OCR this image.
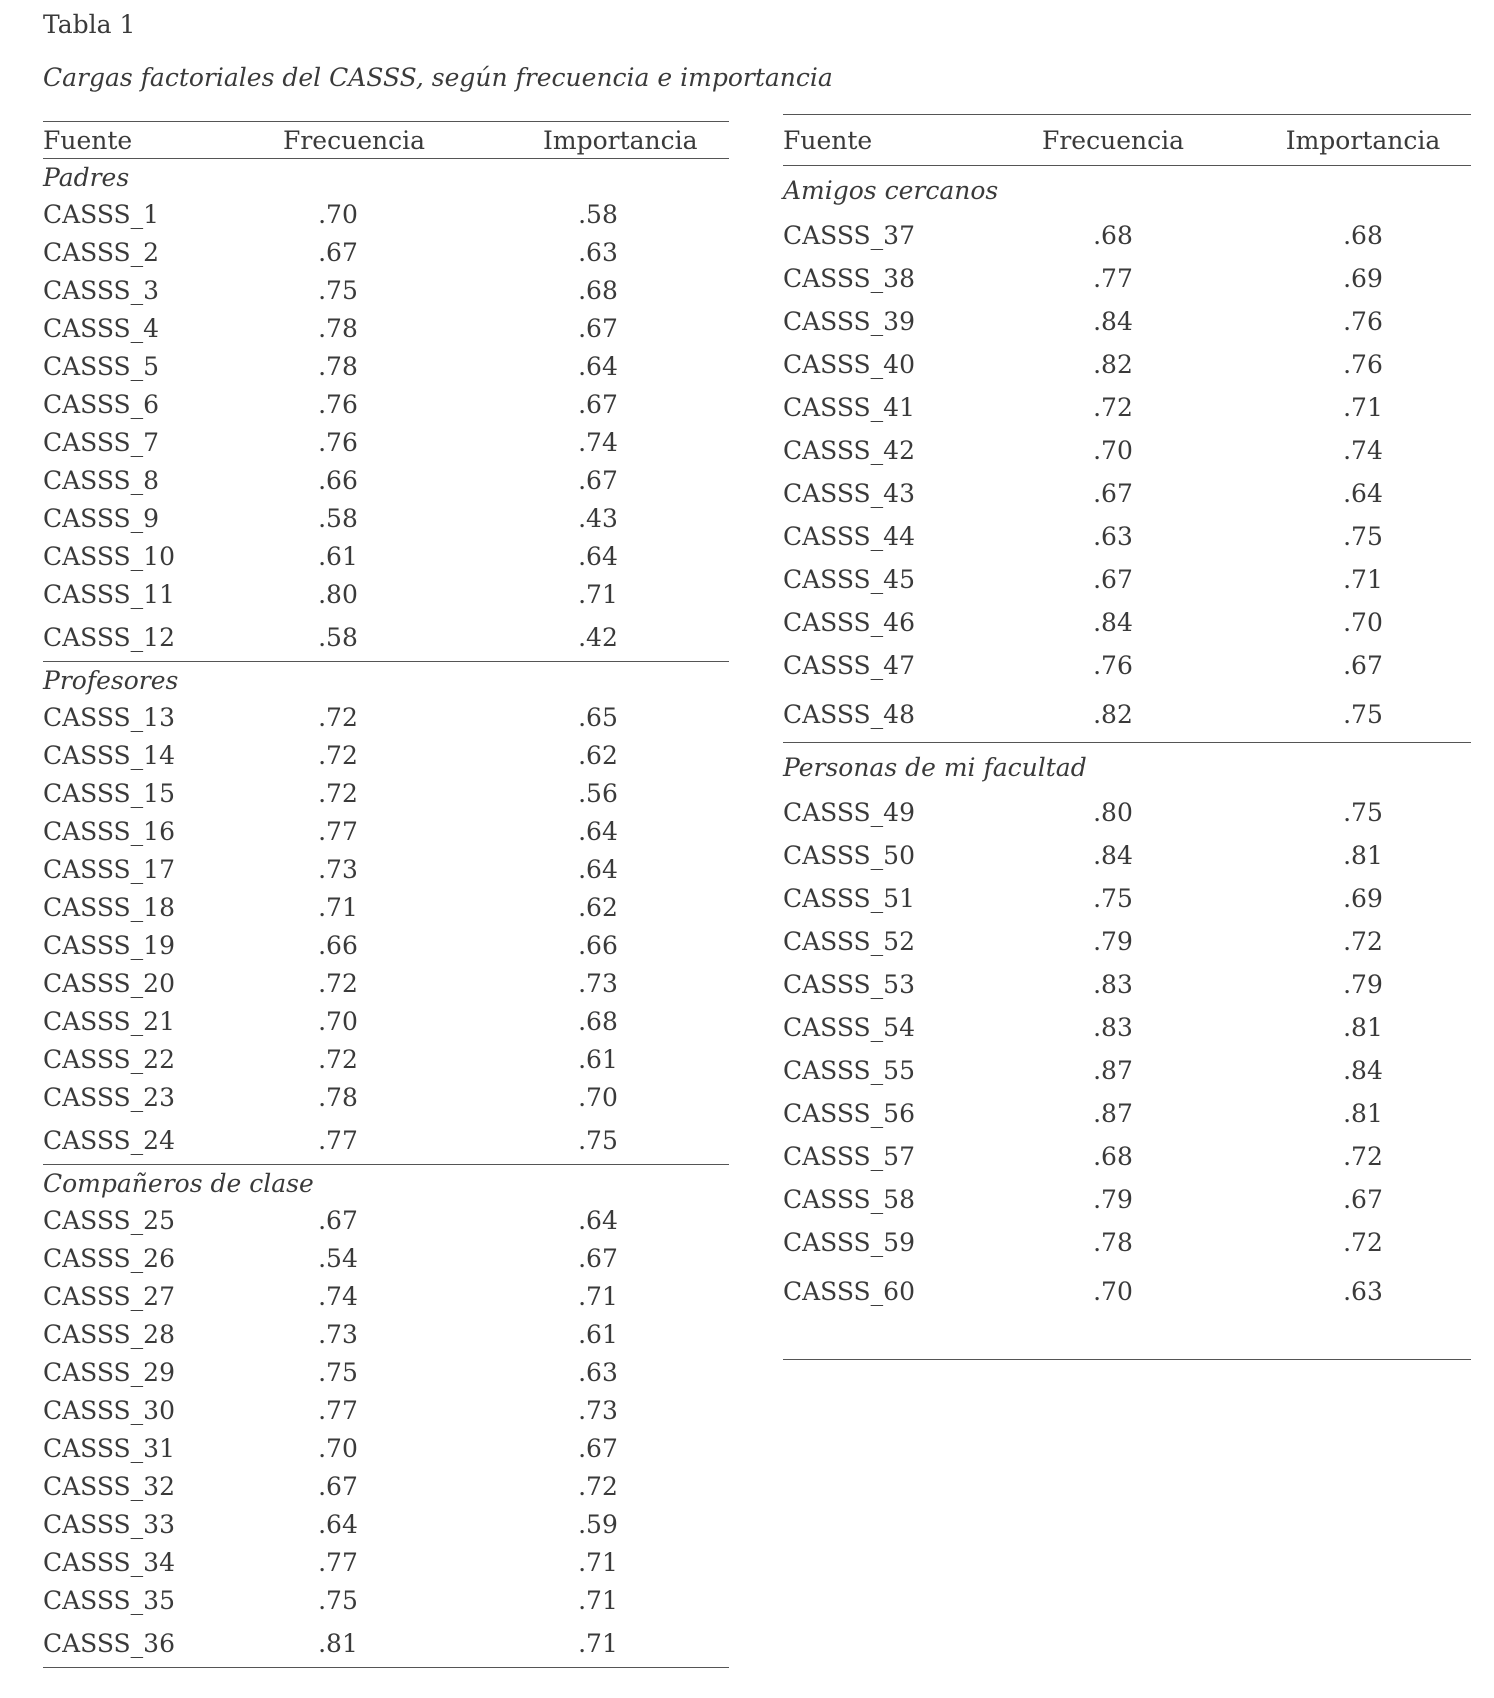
Tabla 1
Cargas factoriales del CASSS, según frecuencia e importancia
Fuente	Frecuencia	Importancia
Padres
CASSS_1	.70	.58
CASSS_2	.67	.63
CASSS_3	.75	.68
CASSS_4	.78	.67
CASSS_5	.78	.64
CASSS_6	.76	.67
CASSS_7	.76	.74
CASSS_8	.66	.67
CASSS_9	.58	.43
CASSS_10	.61	.64
CASSS_11	.80	.71
CASSS_12	.58	.42
Profesores
CASSS_13	.72	.65
CASSS_14	.72	.62
CASSS_15	.72	.56
CASSS_16	.77	.64
CASSS_17	.73	.64
CASSS_18	.71	.62
CASSS_19	.66	.66
CASSS_20	.72	.73
CASSS_21	.70	.68
CASSS_22	.72	.61
CASSS_23	.78	.70
CASSS_24	.77	.75
Compañeros de clase
CASSS_25	.67	.64
CASSS_26	.54	.67
CASSS_27	.74	.71
CASSS_28	.73	.61
CASSS_29	.75	.63
CASSS_30	.77	.73
CASSS_31	.70	.67
CASSS_32	.67	.72
CASSS_33	.64	.59
CASSS_34	.77	.71
CASSS_35	.75	.71
CASSS_36	.81	.71
Fuente	Frecuencia	Importancia
Amigos cercanos
CASSS_37	.68	.68
CASSS_38	.77	.69
CASSS_39	.84	.76
CASSS_40	.82	.76
CASSS_41	.72	.71
CASSS_42	.70	.74
CASSS_43	.67	.64
CASSS_44	.63	.75
CASSS_45	.67	.71
CASSS_46	.84	.70
CASSS_47	.76	.67
CASSS_48	.82	.75
Personas de mi facultad
CASSS_49	.80	.75
CASSS_50	.84	.81
CASSS_51	.75	.69
CASSS_52	.79	.72
CASSS_53	.83	.79
CASSS_54	.83	.81
CASSS_55	.87	.84
CASSS_56	.87	.81
CASSS_57	.68	.72
CASSS_58	.79	.67
CASSS_59	.78	.72
CASSS_60	.70	.63
